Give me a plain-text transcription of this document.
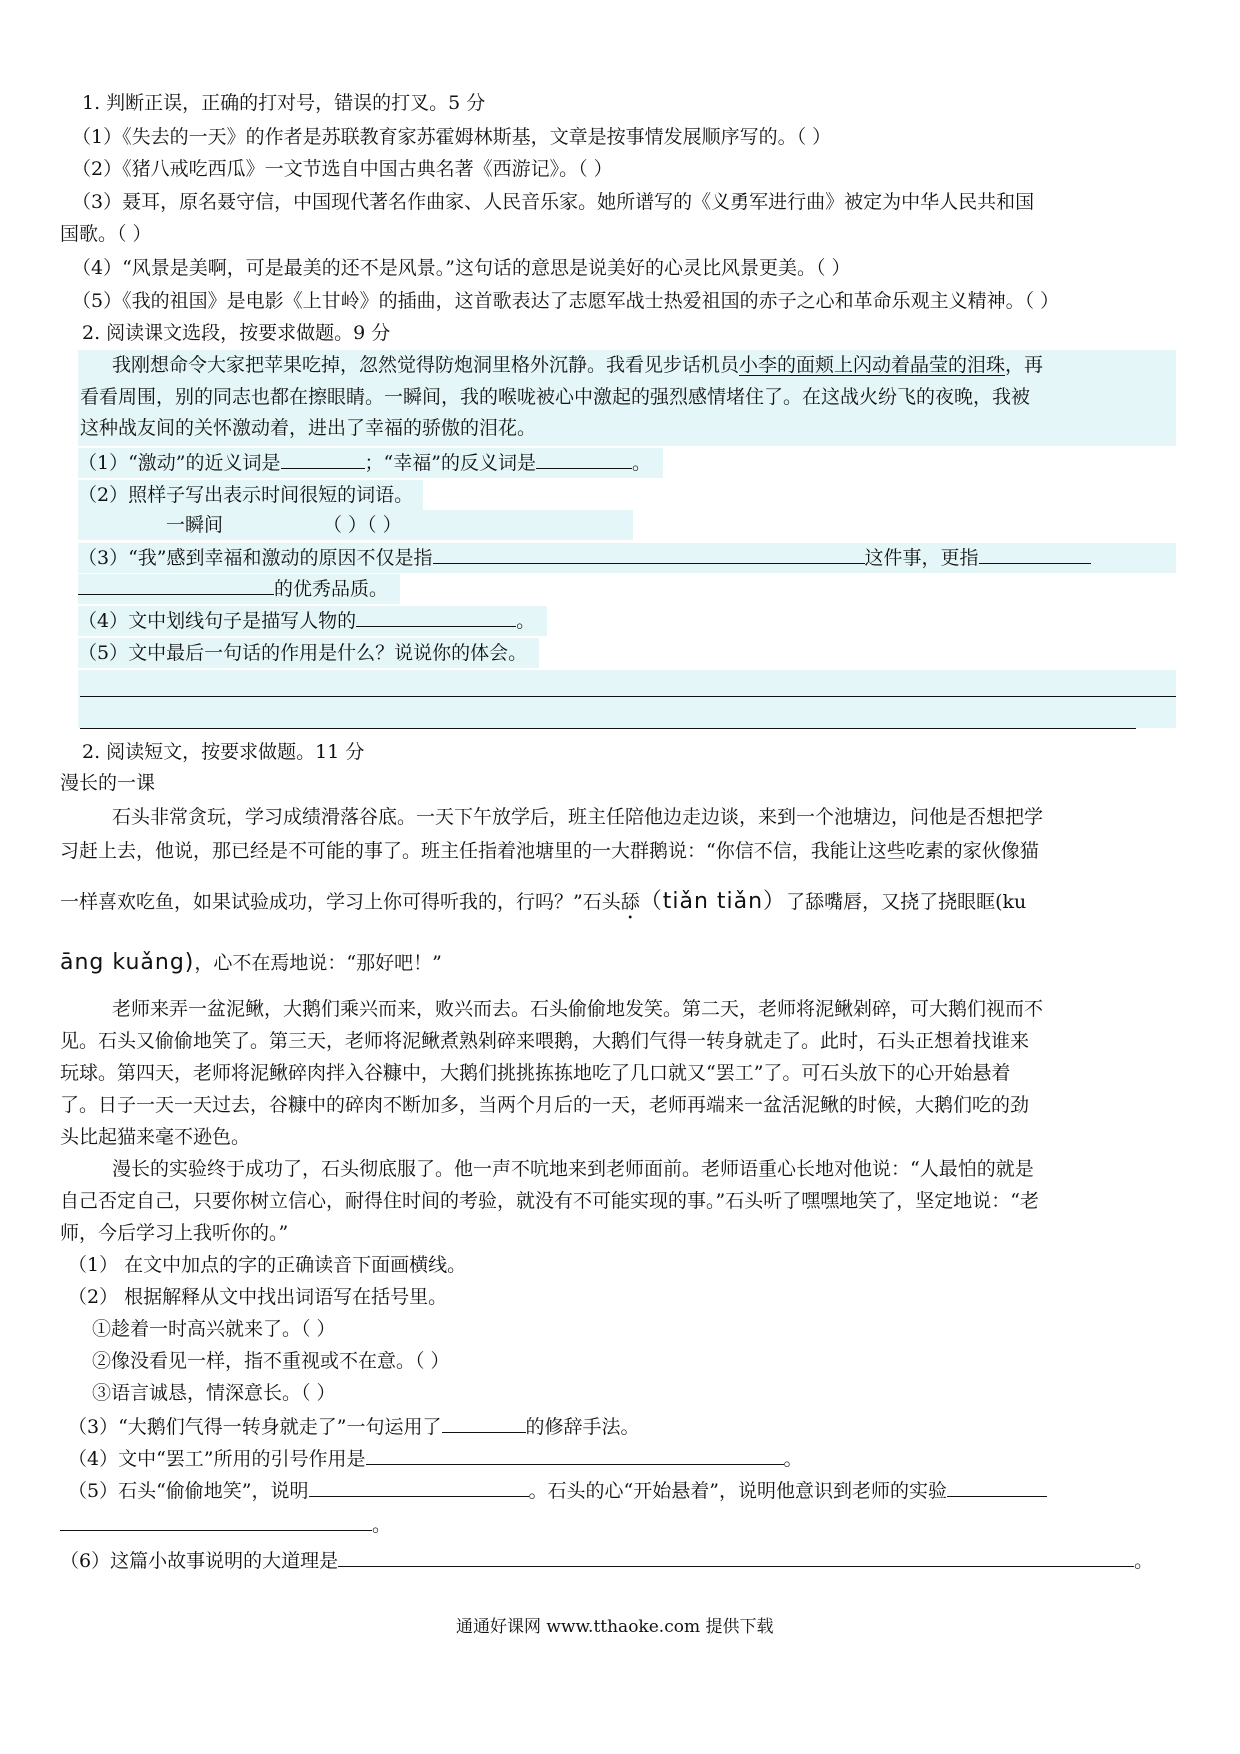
1. 判断正误，正确的打对号，错误的打叉。5 分
（1）《失去的一天》的作者是苏联教育家苏霍姆林斯基，文章是按事情发展顺序写的。（ ）
（2）《猪八戒吃西瓜》一文节选自中国古典名著《西游记》。（ ）
（3）聂耳，原名聂守信，中国现代著名作曲家、人民音乐家。她所谱写的《义勇军进行曲》被定为中华人民共和国
国歌。（ ）
（4）“风景是美啊，可是最美的还不是风景。”这句话的意思是说美好的心灵比风景更美。（ ）
（5）《我的祖国》是电影《上甘岭》的插曲，这首歌表达了志愿军战士热爱祖国的赤子之心和革命乐观主义精神。（ ）
2. 阅读课文选段，按要求做题。9 分
我刚想命令大家把苹果吃掉，忽然觉得防炮洞里格外沉静。我看见步话机员小李的面颊上闪动着晶莹的泪珠，再
看看周围，别的同志也都在擦眼睛。一瞬间，我的喉咙被心中激起的强烈感情堵住了。在这战火纷飞的夜晚，我被
这种战友间的关怀激动着，进出了幸福的骄傲的泪花。
（1）“激动”的近义词是	；“幸福”的反义词是	。
（2）照样子写出表示时间很短的词语。
一瞬间	（ ）（ ）
（3）“我”感到幸福和激动的原因不仅是指	这件事，更指
的优秀品质。
（4）文中划线句子是描写人物的	。
（5）文中最后一句话的作用是什么？说说你的体会。
2. 阅读短文，按要求做题。11 分
漫长的一课
石头非常贪玩，学习成绩滑落谷底。一天下午放学后，班主任陪他边走边谈，来到一个池塘边，问他是否想把学
习赶上去，他说，那已经是不可能的事了。班主任指着池塘里的一大群鹅说：“你信不信，我能让这些吃素的家伙像猫
一样喜欢吃鱼，如果试验成功，学习上你可得听我的，行吗？”石头舔（tiǎn tiǎn）了舔嘴唇，又挠了挠眼眶(ku
āng kuǎng)，心不在焉地说：“那好吧！”
老师来弄一盆泥鳅，大鹅们乘兴而来，败兴而去。石头偷偷地发笑。第二天，老师将泥鳅剁碎，可大鹅们视而不
见。石头又偷偷地笑了。第三天，老师将泥鳅煮熟剁碎来喂鹅，大鹅们气得一转身就走了。此时，石头正想着找谁来
玩球。第四天，老师将泥鳅碎肉拌入谷糠中，大鹅们挑挑拣拣地吃了几口就又“罢工”了。可石头放下的心开始悬着
了。日子一天一天过去，谷糠中的碎肉不断加多，当两个月后的一天，老师再端来一盆活泥鳅的时候，大鹅们吃的劲
头比起猫来毫不逊色。
漫长的实验终于成功了，石头彻底服了。他一声不吭地来到老师面前。老师语重心长地对他说：“人最怕的就是
自己否定自己，只要你树立信心，耐得住时间的考验，就没有不可能实现的事。”石头听了嘿嘿地笑了，坚定地说：“老
师，今后学习上我听你的。”
（1） 在文中加点的字的正确读音下面画横线。
（2） 根据解释从文中找出词语写在括号里。
①趁着一时高兴就来了。（ ）
②像没看见一样，指不重视或不在意。（ ）
③语言诚恳，情深意长。（ ）
（3）“大鹅们气得一转身就走了”一句运用了	的修辞手法。
（4）文中“罢工”所用的引号作用是	。
（5）石头“偷偷地笑”，说明	。石头的心“开始悬着”，说明他意识到老师的实验
。
（6）这篇小故事说明的大道理是	。
通通好课网 www.tthaoke.com 提供下载
